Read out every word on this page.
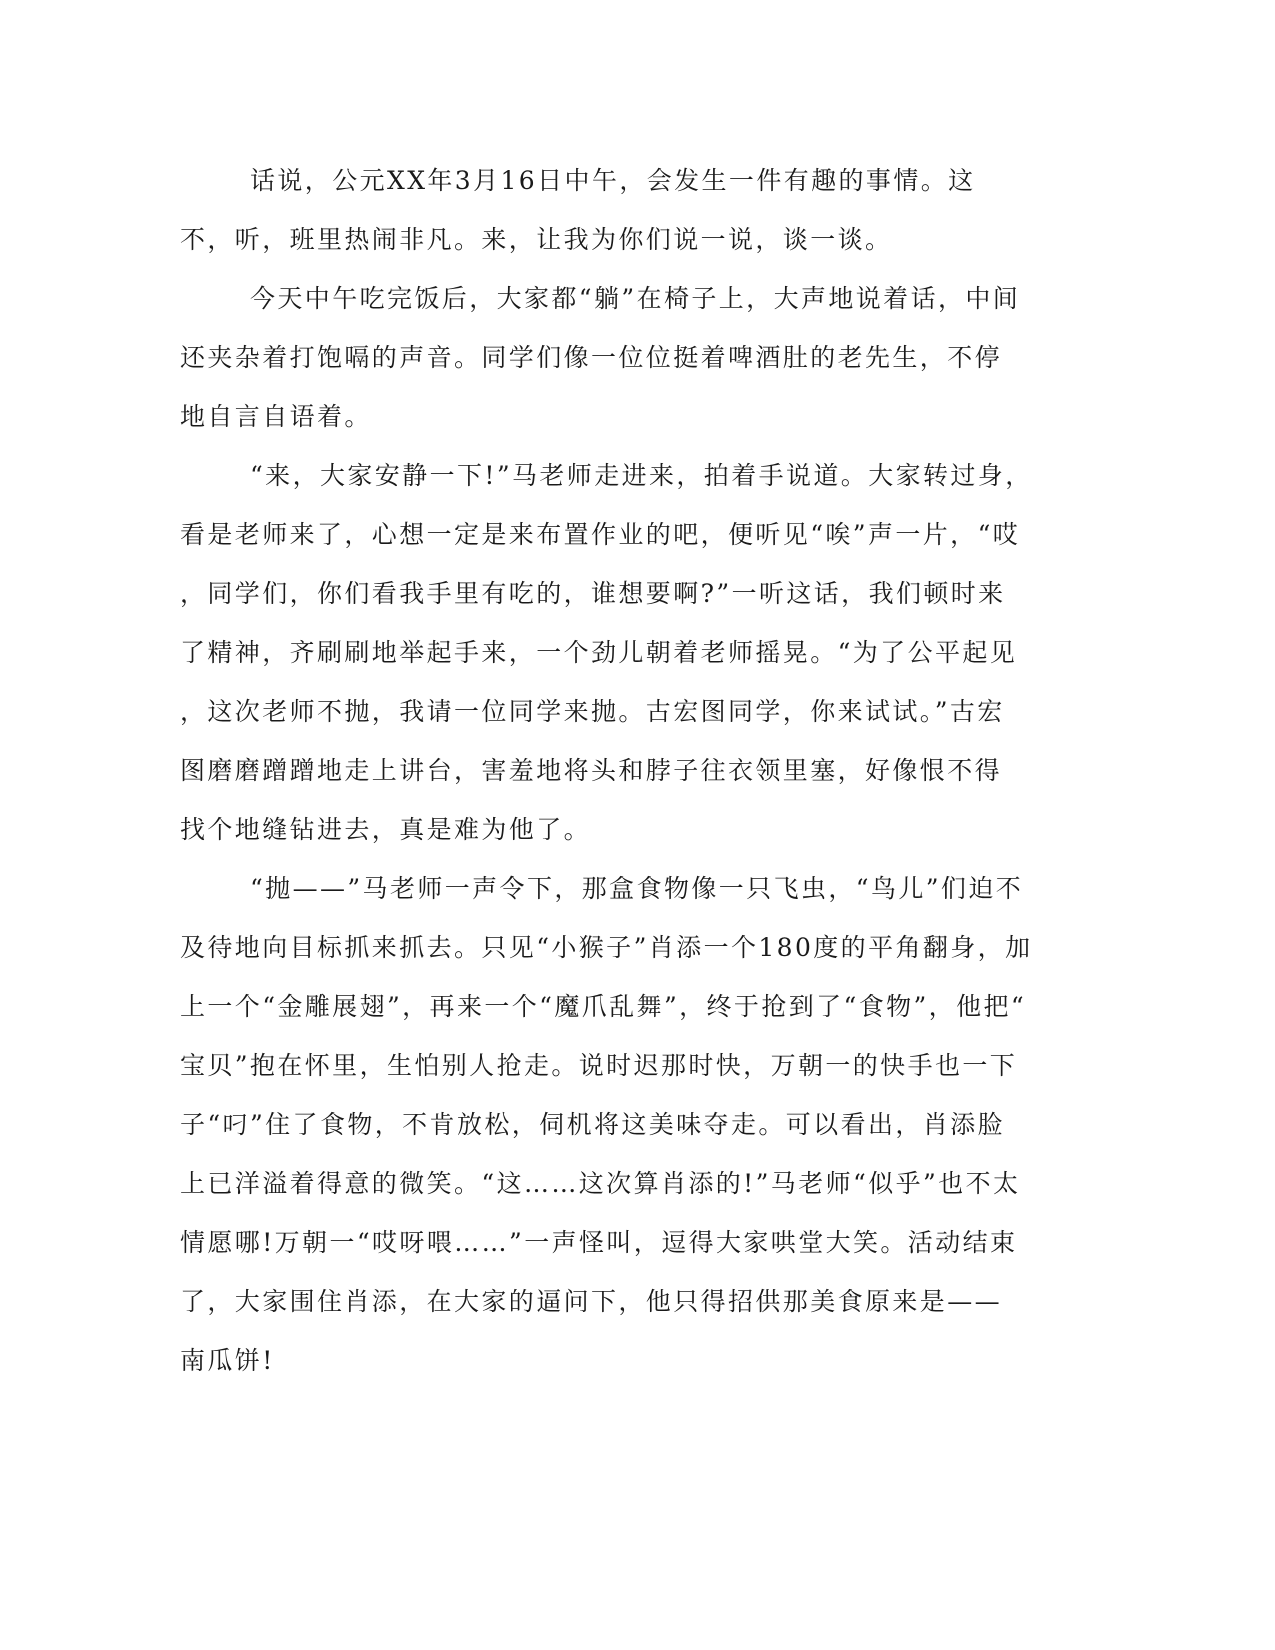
话说，公元XX年3月16日中午，会发生一件有趣的事情。这
不，听，班里热闹非凡。来，让我为你们说一说，谈一谈。
今天中午吃完饭后，大家都“躺”在椅子上，大声地说着话，中间
还夹杂着打饱嗝的声音。同学们像一位位挺着啤酒肚的老先生，不停
地自言自语着。
“来，大家安静一下!”马老师走进来，拍着手说道。大家转过身，
看是老师来了，心想一定是来布置作业的吧，便听见“唉”声一片，“哎
，同学们，你们看我手里有吃的，谁想要啊?”一听这话，我们顿时来
了精神，齐刷刷地举起手来，一个劲儿朝着老师摇晃。“为了公平起见
，这次老师不抛，我请一位同学来抛。古宏图同学，你来试试。”古宏
图磨磨蹭蹭地走上讲台，害羞地将头和脖子往衣领里塞，好像恨不得
找个地缝钻进去，真是难为他了。
“抛——”马老师一声令下，那盒食物像一只飞虫，“鸟儿”们迫不
及待地向目标抓来抓去。只见“小猴子”肖添一个180度的平角翻身，加
上一个“金雕展翅”，再来一个“魔爪乱舞”，终于抢到了“食物”，他把“
宝贝”抱在怀里，生怕别人抢走。说时迟那时快，万朝一的快手也一下
子“叼”住了食物，不肯放松，伺机将这美味夺走。可以看出，肖添脸
上已洋溢着得意的微笑。“这……这次算肖添的!”马老师“似乎”也不太
情愿哪!万朝一“哎呀喂……”一声怪叫，逗得大家哄堂大笑。活动结束
了，大家围住肖添，在大家的逼问下，他只得招供那美食原来是——
南瓜饼!
